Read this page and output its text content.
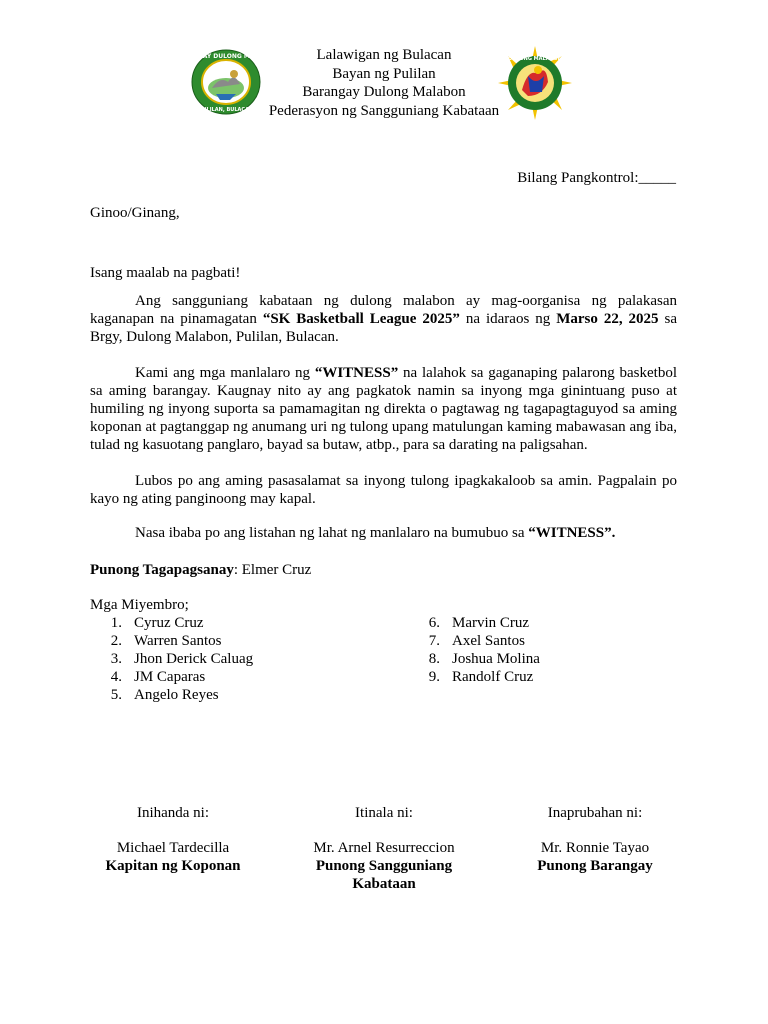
BARANGAY DULONG MALABON
PULILAN, BULACAN
Lalawigan ng Bulacan
Bayan ng Pulilan
Barangay Dulong Malabon
Pederasyon ng Sangguniang Kabataan
DULONG MALABON
Bilang Pangkontrol:_____
Ginoo/Ginang,
Isang maalab na pagbati!
Ang sangguniang kabataan ng dulong malabon ay mag-oorganisa ng palakasan kaganapan na pinamagatan “SK Basketball League 2025” na idaraos ng Marso 22, 2025 sa Brgy, Dulong Malabon, Pulilan, Bulacan.
Kami ang mga manlalaro ng “WITNESS” na lalahok sa gaganaping palarong basketbol sa aming barangay. Kaugnay nito ay ang pagkatok namin sa inyong mga ginintuang puso at humiling ng inyong suporta sa pamamagitan ng direkta o pagtawag ng tagapagtaguyod sa aming koponan at pagtanggap ng anumang uri ng tulong upang matulungan kaming mabawasan ang iba, tulad ng kasuotang panglaro, bayad sa butaw, atbp., para sa darating na paligsahan.
Lubos po ang aming pasasalamat sa inyong tulong ipagkakaloob sa amin. Pagpalain po kayo ng ating panginoong may kapal.
Nasa ibaba po ang listahan ng lahat ng manlalaro na bumubuo sa “WITNESS”.
Punong Tagapagsanay: Elmer Cruz
Mga Miyembro;
1. Cyruz Cruz
2. Warren Santos
3. Jhon Derick Caluag
4. JM Caparas
5. Angelo Reyes
6. Marvin Cruz
7. Axel Santos
8. Joshua Molina
9. Randolf Cruz
Inihanda ni:
Michael Tardecilla
Kapitan ng Koponan
Itinala ni:
Mr. Arnel Resurreccion
Punong Sangguniang Kabataan
Inaprubahan ni:
Mr. Ronnie Tayao
Punong Barangay
